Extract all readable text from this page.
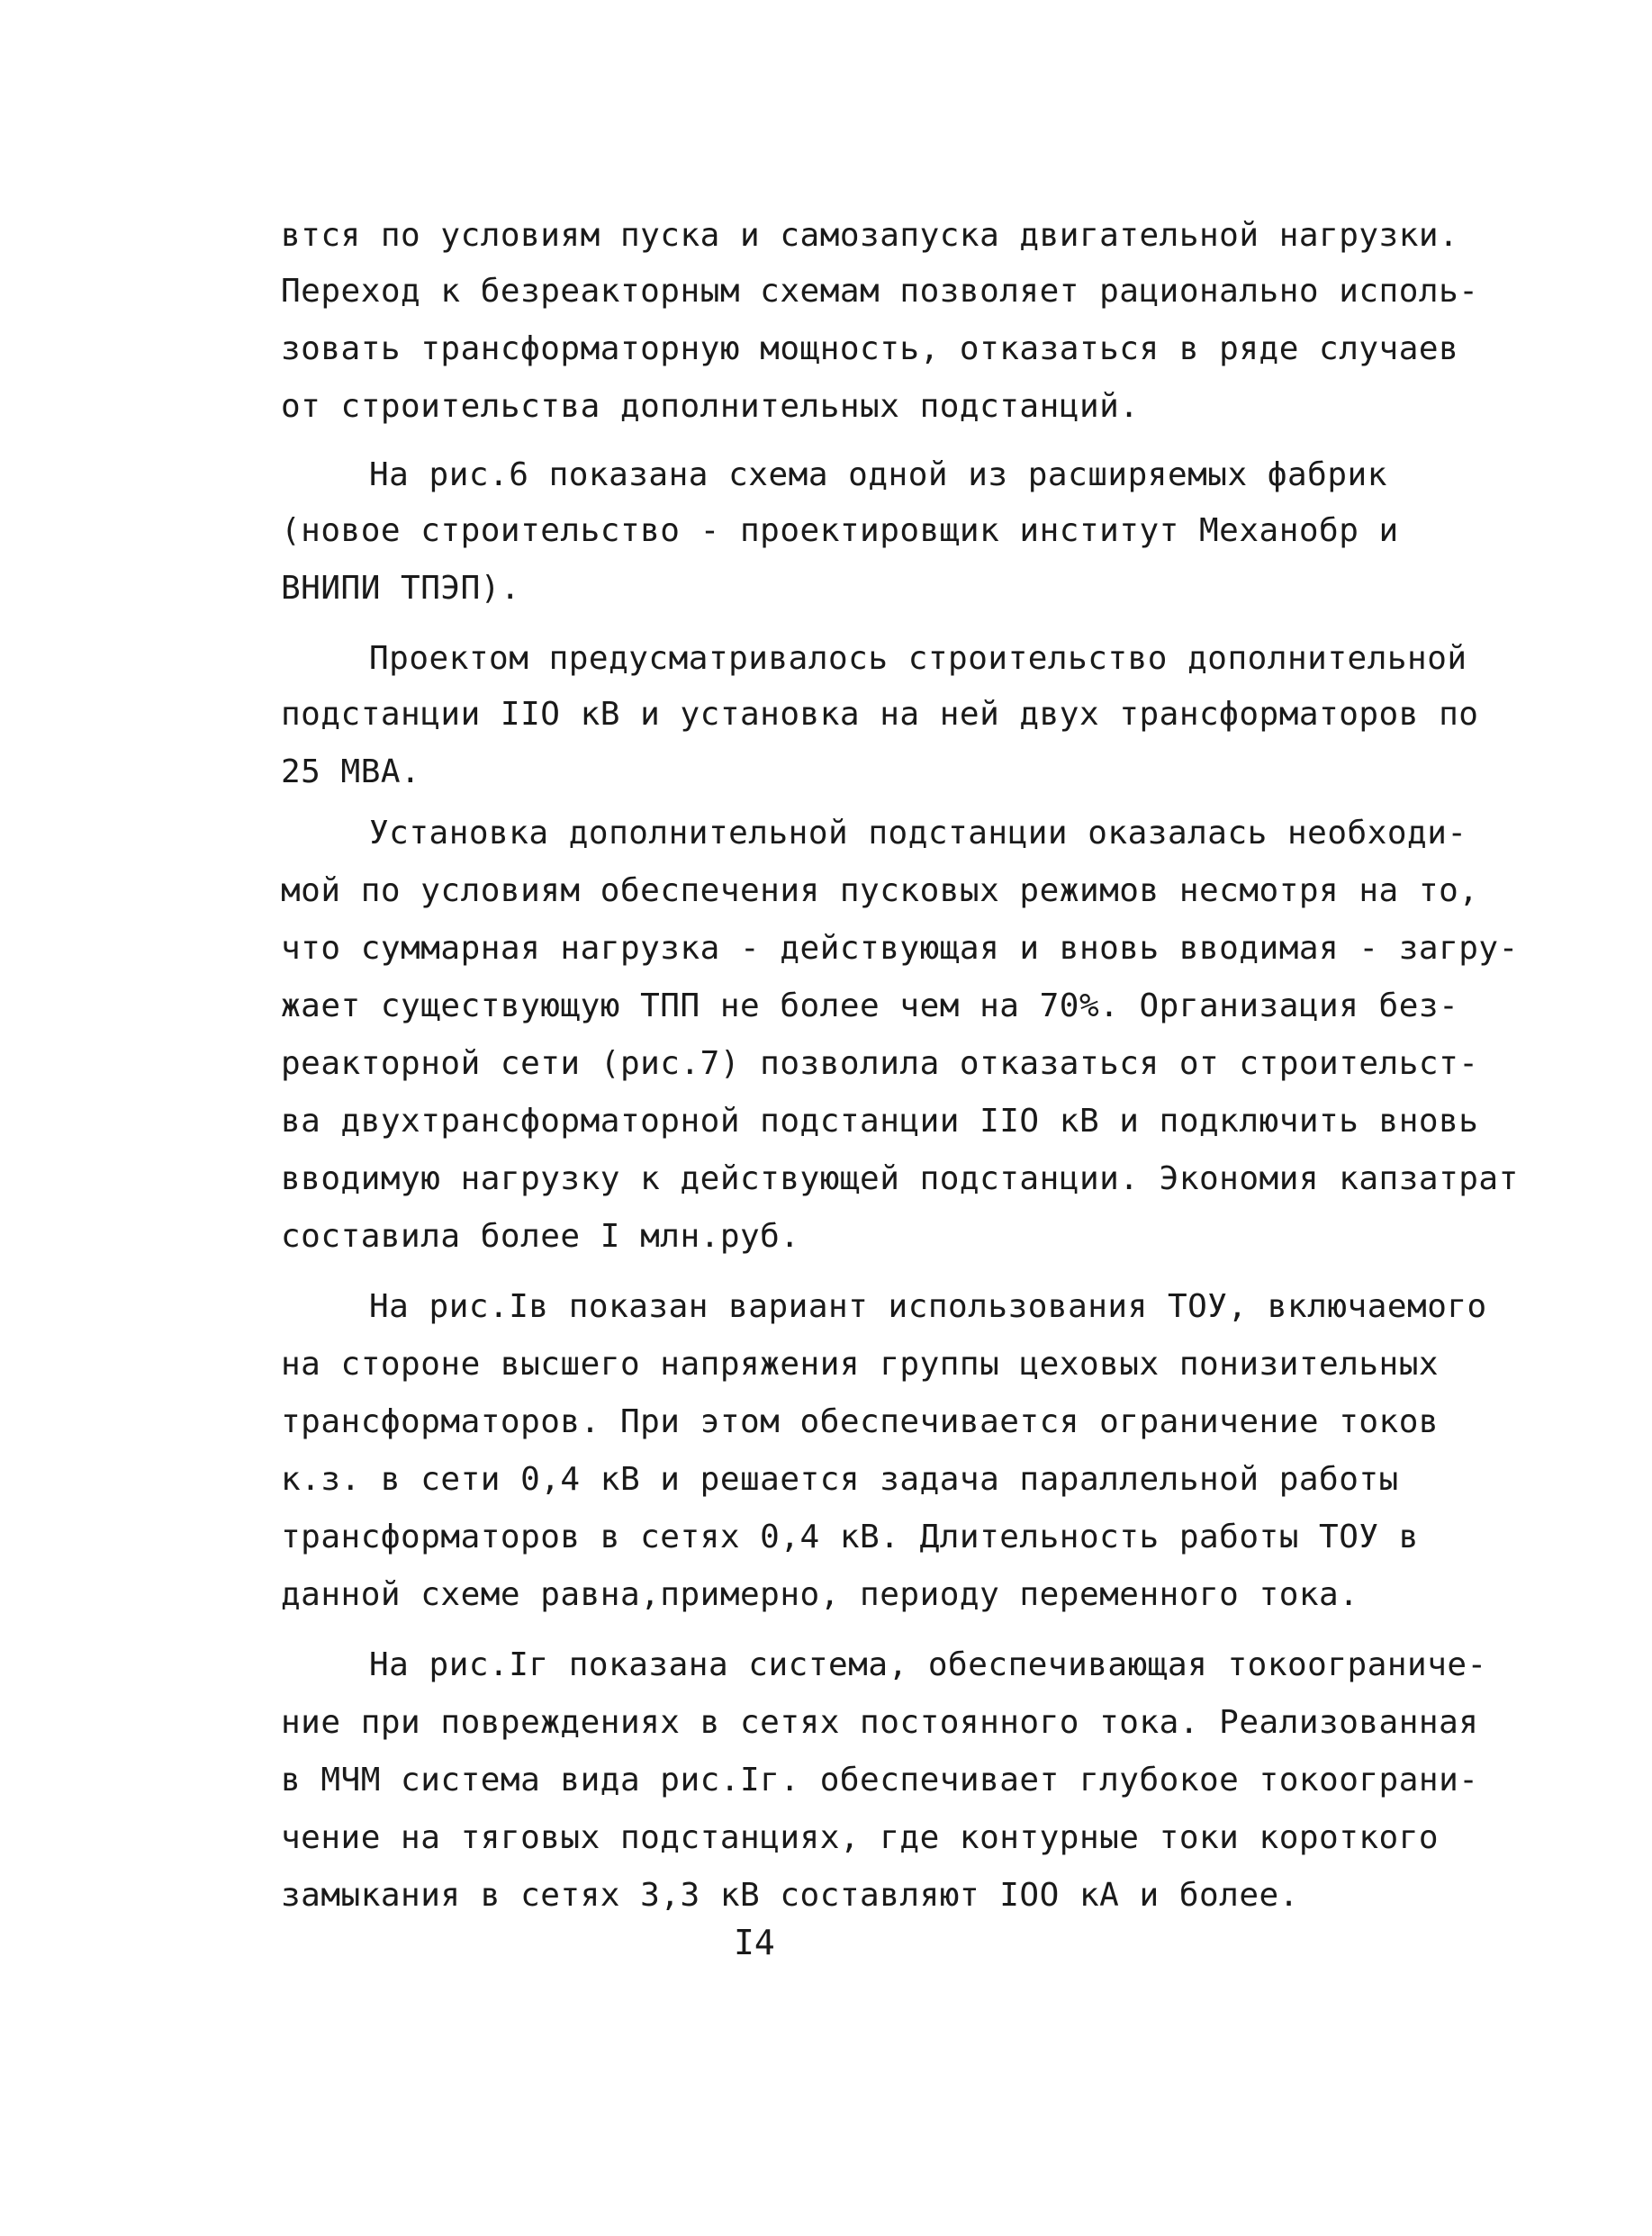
втся по условиям пуска и самозапуска двигательной нагрузки.

Переход к безреакторным схемам позволяет рационально исполь-

зовать трансформаторную мощность, отказаться в ряде случаев

от строительства дополнительных подстанций.

На рис.6 показана схема одной из расширяемых фабрик

(новое строительство - проектировщик институт Механобр и

ВНИПИ ТПЭП).

Проектом предусматривалось строительство дополнительной

подстанции IIO кВ и установка на ней двух трансформаторов по

25 МВА.

Установка дополнительной подстанции оказалась необходи-

мой по условиям обеспечения пусковых режимов несмотря на то,

что суммарная нагрузка - действующая и вновь вводимая - загру-

жает существующую ТПП не более чем на 70%. Организация без-

реакторной сети (рис.7) позволила отказаться от строительст-

ва двухтрансформаторной подстанции IIO кВ и подключить вновь

вводимую нагрузку к действующей подстанции. Экономия капзатрат

составила более I млн.руб.

На рис.Iв показан вариант использования ТОУ, включаемого

на стороне высшего напряжения группы цеховых понизительных

трансформаторов. При этом обеспечивается ограничение токов

к.з. в сети 0,4 кВ и решается задача параллельной работы

трансформаторов в сетях 0,4 кВ. Длительность работы ТОУ в

данной схеме равна,примерно, периоду переменного тока.

На рис.Iг показана система, обеспечивающая токоограничe-

ние при повреждениях в сетях постоянного тока. Реализованная

в МЧМ система вида рис.Iг. обеспечивает глубокое токоограни-

чение на тяговых подстанциях, где контурные токи короткого

замыкания в сетях 3,3 кВ составляют IOO кА и более.

I4
